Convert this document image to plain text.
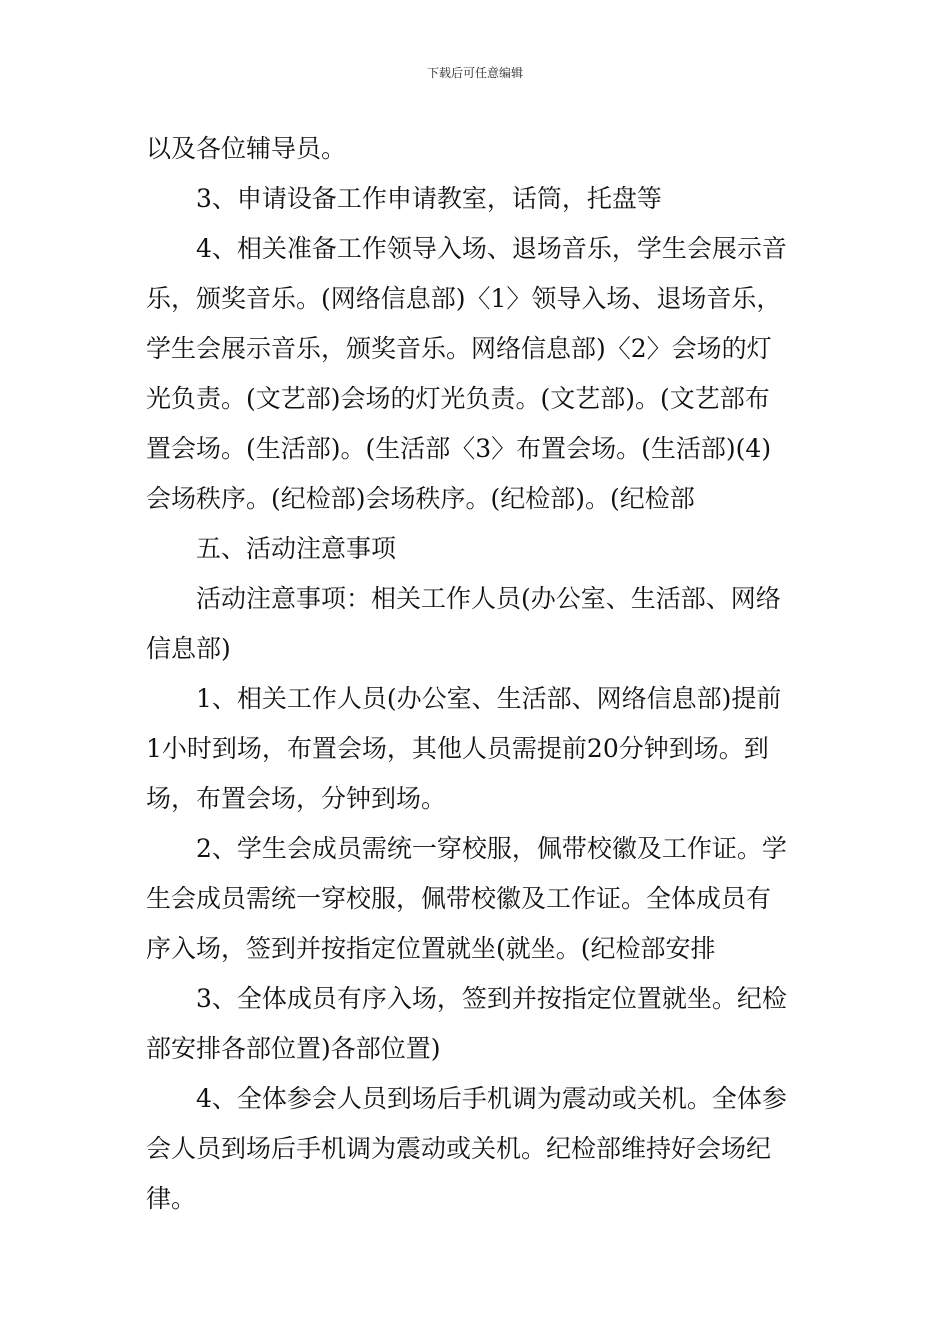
下载后可任意编辑
以及各位辅导员。
3、申请设备工作申请教室，话筒，托盘等
4、相关准备工作领导入场、退场音乐，学生会展示音
乐，颁奖音乐。(网络信息部)〈1〉领导入场、退场音乐，
学生会展示音乐，颁奖音乐。网络信息部)〈2〉会场的灯
光负责。(文艺部)会场的灯光负责。(文艺部)。(文艺部布
置会场。(生活部)。(生活部〈3〉布置会场。(生活部)(4)
会场秩序。(纪检部)会场秩序。(纪检部)。(纪检部
五、活动注意事项
活动注意事项：相关工作人员(办公室、生活部、网络
信息部)
1、相关工作人员(办公室、生活部、网络信息部)提前
1小时到场，布置会场，其他人员需提前20分钟到场。到
场，布置会场，分钟到场。
2、学生会成员需统一穿校服，佩带校徽及工作证。学
生会成员需统一穿校服，佩带校徽及工作证。全体成员有
序入场，签到并按指定位置就坐(就坐。(纪检部安排
3、全体成员有序入场，签到并按指定位置就坐。纪检
部安排各部位置)各部位置)
4、全体参会人员到场后手机调为震动或关机。全体参
会人员到场后手机调为震动或关机。纪检部维持好会场纪
律。
